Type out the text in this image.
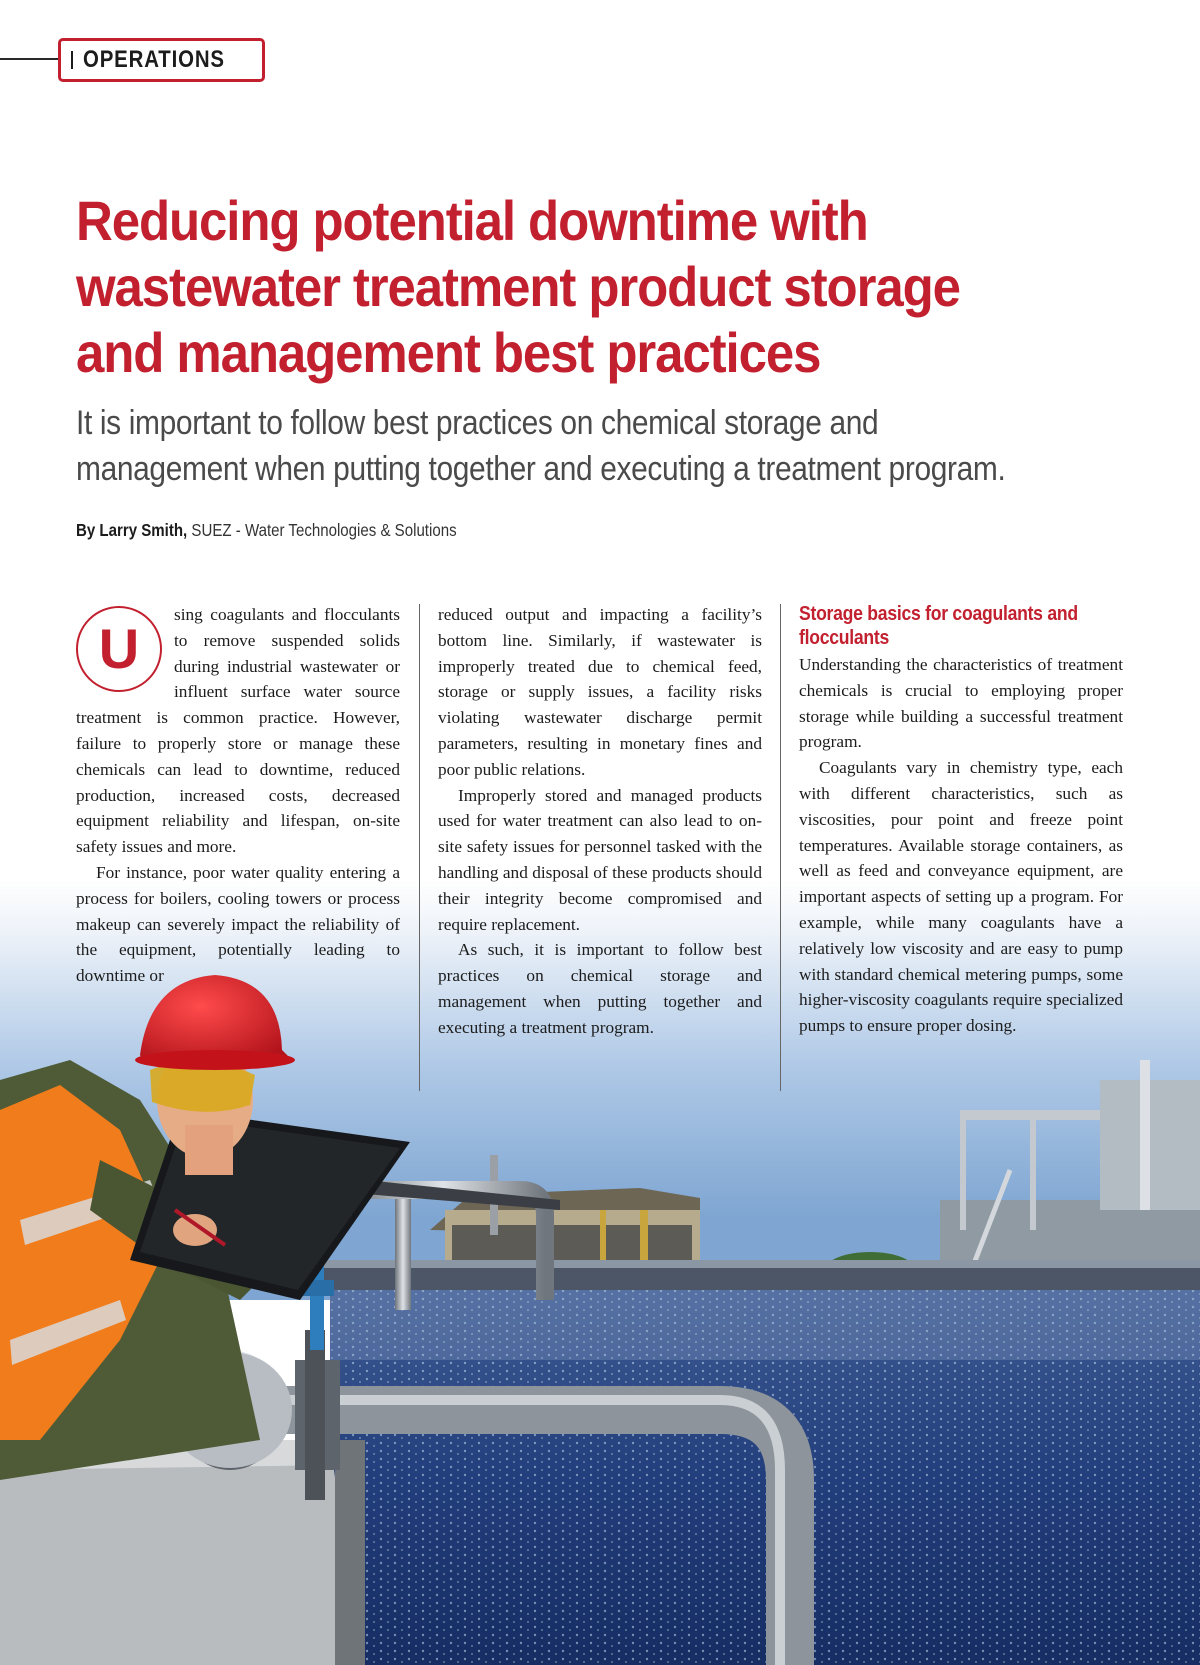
OPERATIONS
Reducing potential downtime with wastewater treatment product storage and management best practices

It is important to follow best practices on chemical storage and management when putting together and executing a treatment program.

By Larry Smith, SUEZ - Water Technologies & Solutions

U

sing coagulants and flocculants to remove suspended solids during industrial wastewater or influent surface water source treatment is common practice. However, failure to properly store or manage these chemicals can lead to downtime, reduced production, increased costs, decreased equipment reliability and lifespan, on-site safety issues and more.

For instance, poor water quality entering a process for boilers, cooling towers or process makeup can severely impact the reliability of the equipment, potentially leading to downtime or

reduced output and impacting a facility’s bottom line. Similarly, if wastewater is improperly treated due to chemical feed, storage or supply issues, a facility risks violating wastewater discharge permit parameters, resulting in monetary fines and poor public relations.

Improperly stored and managed products used for water treatment can also lead to on-site safety issues for personnel tasked with the handling and disposal of these products should their integrity become compromised and require replacement.

As such, it is important to follow best practices on chemical storage and management when putting together and executing a treatment program.

Storage basics for coagulants and flocculants

Understanding the characteristics of treatment chemicals is crucial to employing proper storage while building a successful treatment program.

Coagulants vary in chemistry type, each with different characteristics, such as viscosities, pour point and freeze point temperatures. Available storage containers, as well as feed and conveyance equipment, are important aspects of setting up a program. For example, while many coagulants have a relatively low viscosity and are easy to pump with standard chemical metering pumps, some higher-viscosity coagulants require specialized pumps to ensure proper dosing.
